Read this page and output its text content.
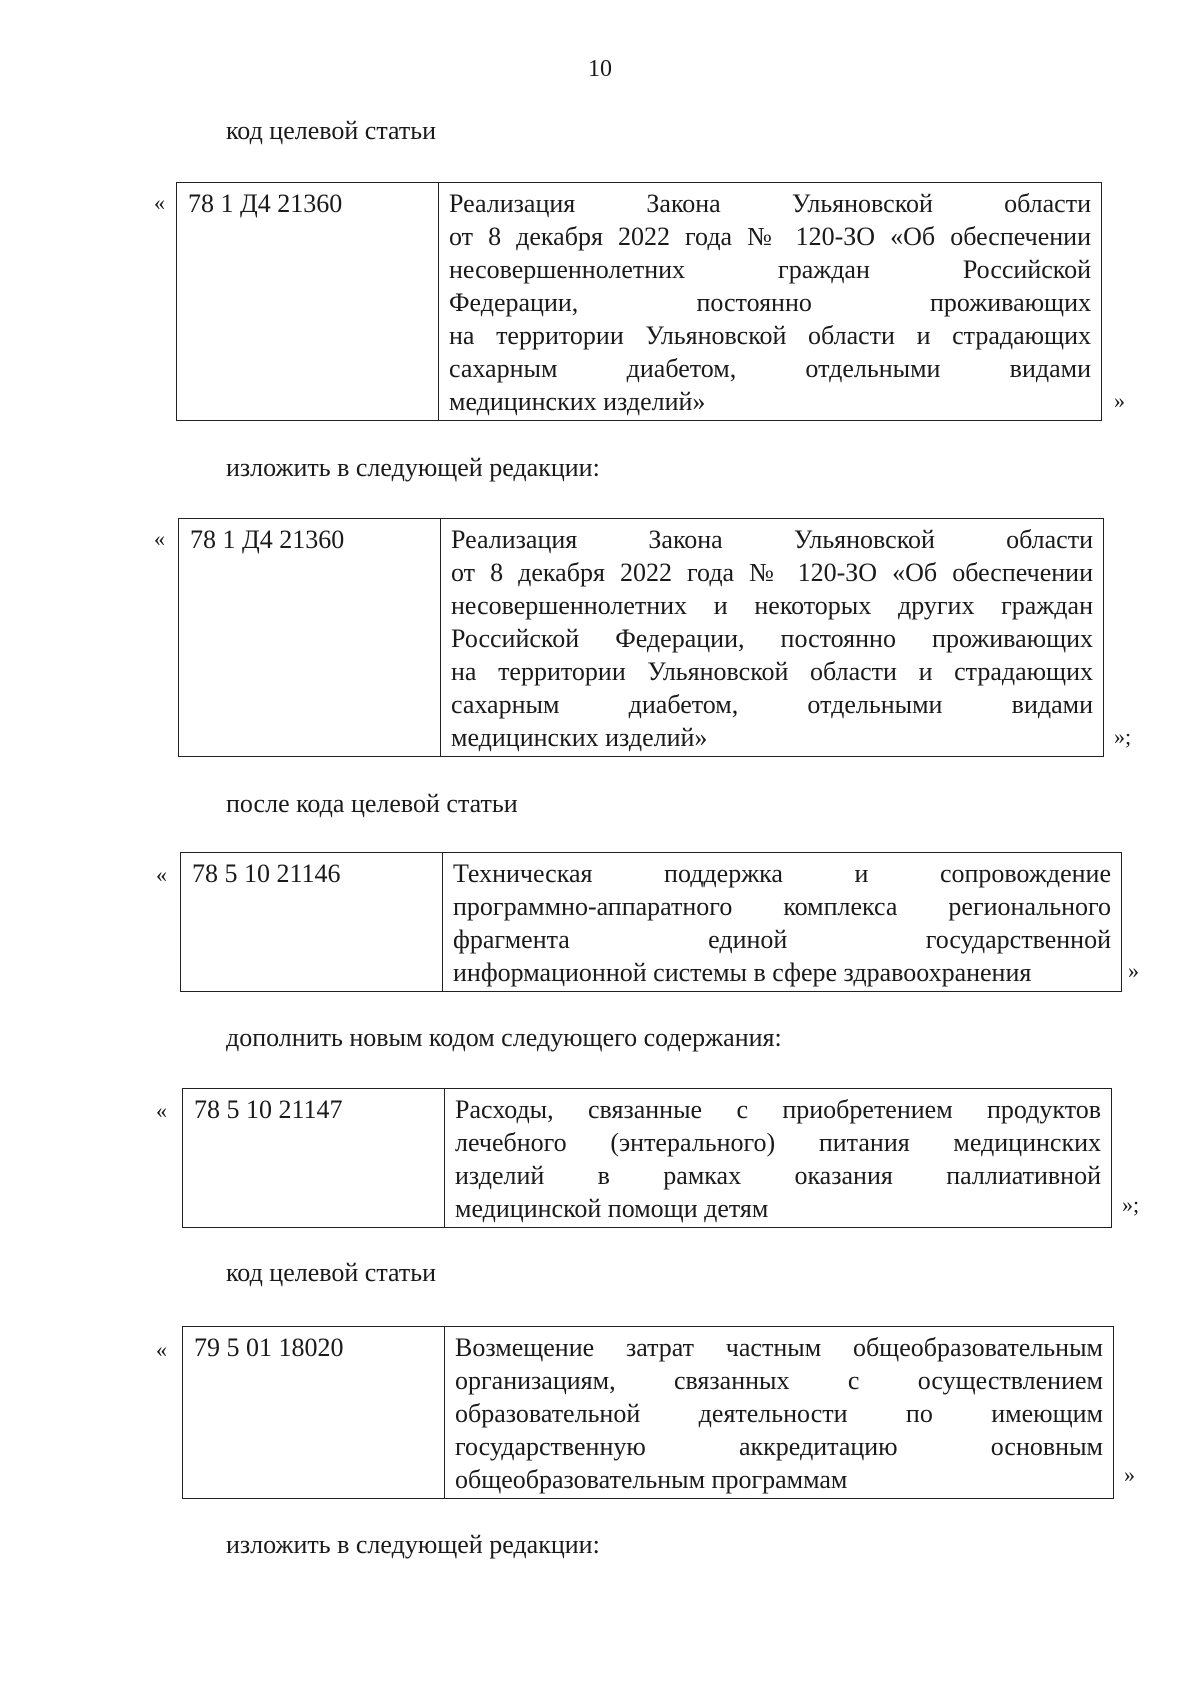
10
код целевой статьи
« 78 1 Д4 21360	Реализация Закона Ульяновской области
от 8 декабря 2022 года № 120-ЗО «Об обеспечении
несовершеннолетних граждан Российской
Федерации, постоянно проживающих
на территории Ульяновской области и страдающих
сахарным диабетом, отдельными видами
медицинских изделий»	»
изложить в следующей редакции:
« 78 1 Д4 21360	Реализация Закона Ульяновской области
от 8 декабря 2022 года № 120-ЗО «Об обеспечении
несовершеннолетних и некоторых других граждан
Российской Федерации, постоянно проживающих
на территории Ульяновской области и страдающих
сахарным диабетом, отдельными видами
медицинских изделий»	»;
после кода целевой статьи
« 78 5 10 21146	Техническая поддержка и сопровождение
программно-аппаратного комплекса регионального
фрагмента единой государственной
информационной системы в сфере здравоохранения	»
дополнить новым кодом следующего содержания:
« 78 5 10 21147	Расходы, связанные с приобретением продуктов
лечебного (энтерального) питания медицинских
изделий в рамках оказания паллиативной
медицинской помощи детям	»;
код целевой статьи
« 79 5 01 18020	Возмещение затрат частным общеобразовательным
организациям, связанных с осуществлением
образовательной деятельности по имеющим
государственную аккредитацию основным
общеобразовательным программам	»
изложить в следующей редакции:
